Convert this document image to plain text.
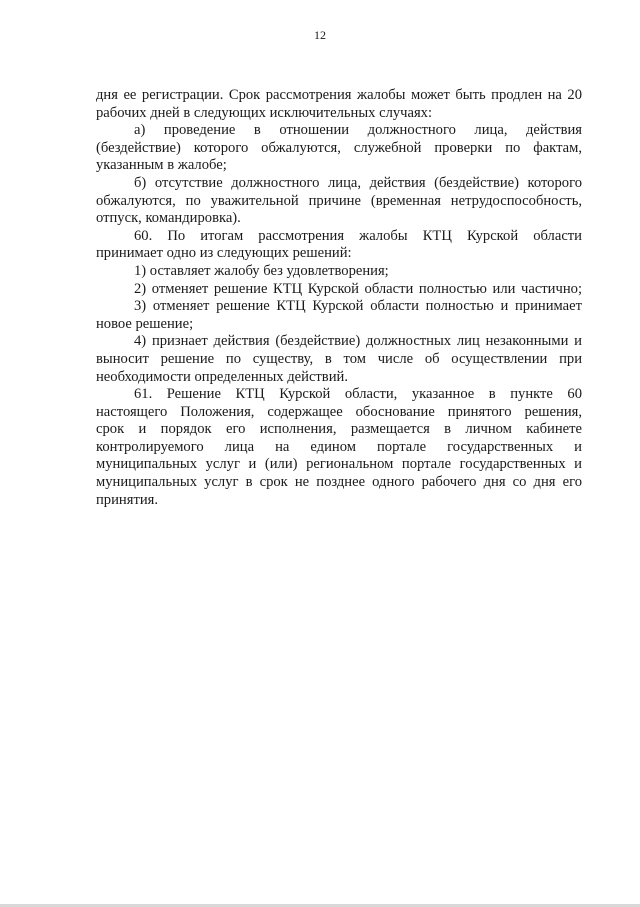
12
дня ее регистрации. Срок рассмотрения жалобы может быть продлен на 20
рабочих дней в следующих исключительных случаях:
а) проведение в отношении должностного лица, действия
(бездействие) которого обжалуются, служебной проверки по фактам,
указанным в жалобе;
б) отсутствие должностного лица, действия (бездействие) которого
обжалуются, по уважительной причине (временная нетрудоспособность,
отпуск, командировка).
60. По итогам рассмотрения жалобы КТЦ Курской области
принимает одно из следующих решений:
1) оставляет жалобу без удовлетворения;
2) отменяет решение КТЦ Курской области полностью или частично;
3) отменяет решение КТЦ Курской области полностью и принимает
новое решение;
4) признает действия (бездействие) должностных лиц незаконными и
выносит решение по существу, в том числе об осуществлении при
необходимости определенных действий.
61. Решение КТЦ Курской области, указанное в пункте 60
настоящего Положения, содержащее обоснование принятого решения,
срок и порядок его исполнения, размещается в личном кабинете
контролируемого лица на едином портале государственных и
муниципальных услуг и (или) региональном портале государственных и
муниципальных услуг в срок не позднее одного рабочего дня со дня его
принятия.
